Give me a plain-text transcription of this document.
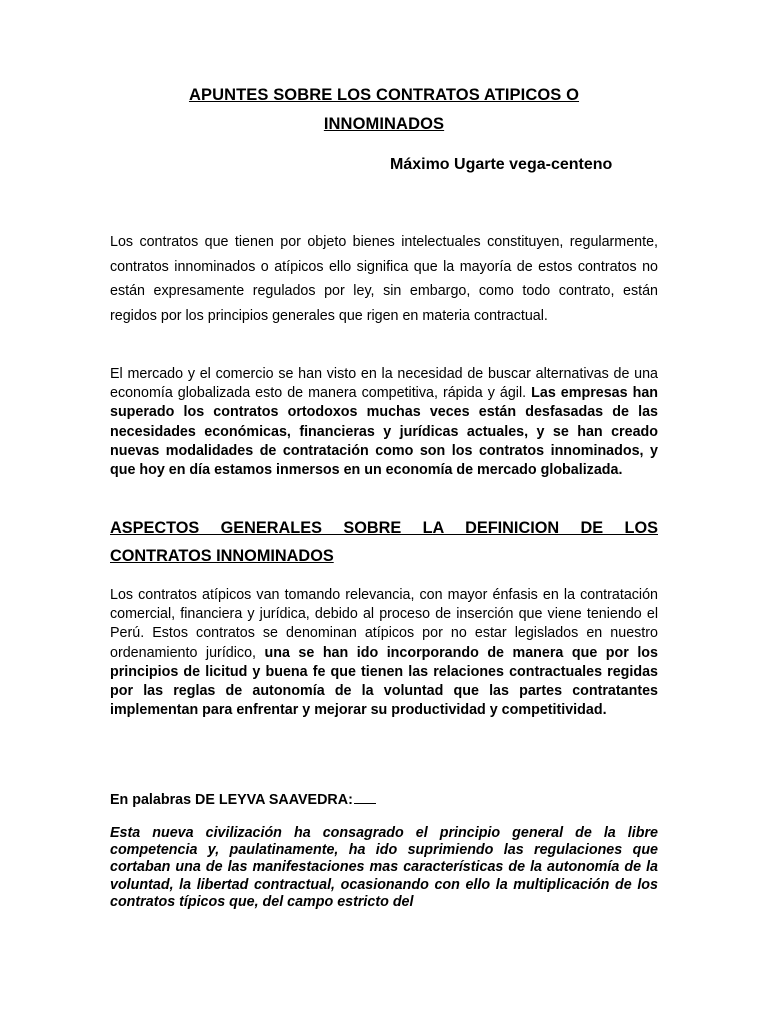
APUNTES SOBRE LOS CONTRATOS ATIPICOS O
INNOMINADOS
Máximo Ugarte vega-centeno

Los contratos que tienen por objeto bienes intelectuales constituyen, regularmente, contratos innominados o atípicos ello significa que la mayoría de estos contratos no están expresamente regulados por ley, sin embargo, como todo contrato, están regidos por los principios generales que rigen en materia contractual.

El mercado y el comercio se han visto en la necesidad de buscar alternativas de una economía globalizada esto de manera competitiva, rápida y ágil. Las empresas han superado los contratos ortodoxos muchas veces están desfasadas de las necesidades económicas, financieras y jurídicas actuales, y se han creado nuevas modalidades de contratación como son los contratos innominados, y que hoy en día estamos inmersos en un economía de mercado globalizada.

ASPECTOS GENERALES SOBRE LA DEFINICION DE LOS CONTRATOS INNOMINADOS

Los contratos atípicos van tomando relevancia, con mayor énfasis en la contratación comercial, financiera y jurídica, debido al proceso de inserción que viene teniendo el Perú. Estos contratos se denominan atípicos por no estar legislados en nuestro ordenamiento jurídico, una se han ido incorporando de manera que por los principios de licitud y buena fe que tienen las relaciones contractuales regidas por las reglas de autonomía de la voluntad que las partes contratantes implementan para enfrentar y mejorar su productividad y competitividad.

En palabras DE LEYVA SAAVEDRA:

Esta nueva civilización ha consagrado el principio general de la libre competencia y, paulatinamente, ha ido suprimiendo las regulaciones que cortaban una de las manifestaciones mas características de la autonomía de la voluntad, la libertad contractual, ocasionando con ello la multiplicación de los contratos típicos que, del campo estricto del
